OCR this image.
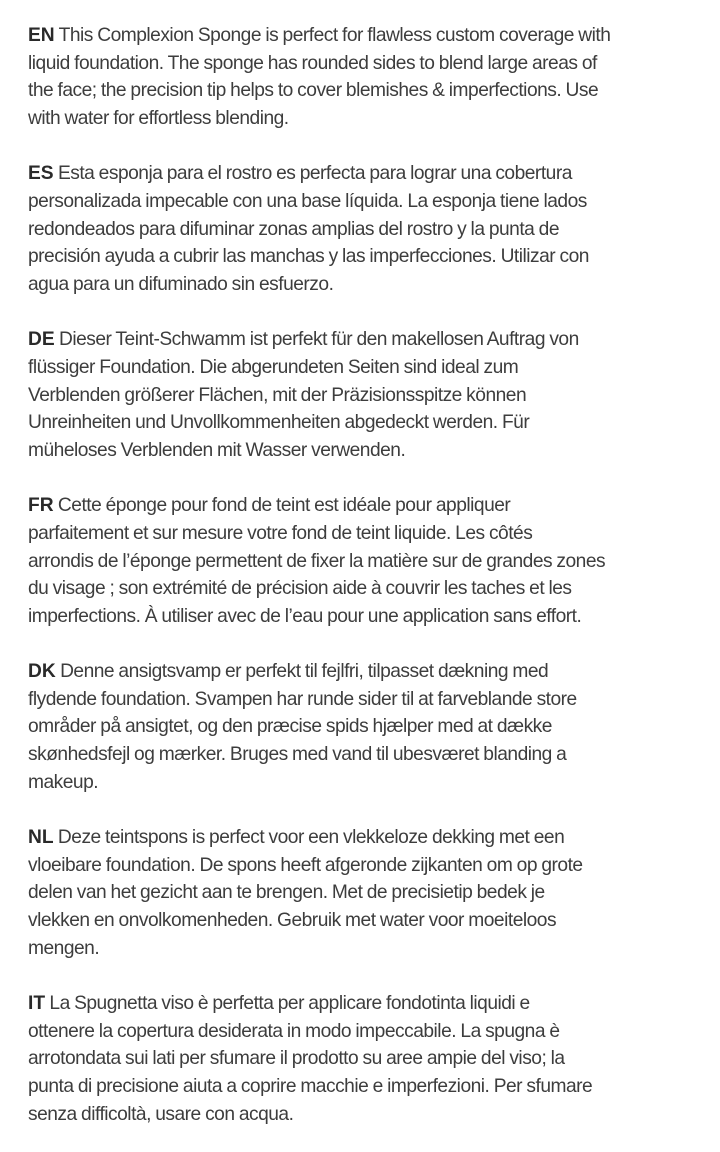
EN This Complexion Sponge is perfect for flawless custom coverage with
liquid foundation. The sponge has rounded sides to blend large areas of
the face; the precision tip helps to cover blemishes & imperfections. Use
with water for effortless blending.

ES Esta esponja para el rostro es perfecta para lograr una cobertura
personalizada impecable con una base líquida. La esponja tiene lados
redondeados para difuminar zonas amplias del rostro y la punta de
precisión ayuda a cubrir las manchas y las imperfecciones. Utilizar con
agua para un difuminado sin esfuerzo.

DE Dieser Teint-Schwamm ist perfekt für den makellosen Auftrag von
flüssiger Foundation. Die abgerundeten Seiten sind ideal zum
Verblenden größerer Flächen, mit der Präzisionsspitze können
Unreinheiten und Unvollkommenheiten abgedeckt werden. Für
müheloses Verblenden mit Wasser verwenden.

FR Cette éponge pour fond de teint est idéale pour appliquer
parfaitement et sur mesure votre fond de teint liquide. Les côtés
arrondis de l’éponge permettent de fixer la matière sur de grandes zones
du visage ; son extrémité de précision aide à couvrir les taches et les
imperfections. À utiliser avec de l’eau pour une application sans effort.

DK Denne ansigtsvamp er perfekt til fejlfri, tilpasset dækning med
flydende foundation. Svampen har runde sider til at farveblande store
områder på ansigtet, og den præcise spids hjælper med at dække
skønhedsfejl og mærker. Bruges med vand til ubesværet blanding a
makeup.

NL Deze teintspons is perfect voor een vlekkeloze dekking met een
vloeibare foundation. De spons heeft afgeronde zijkanten om op grote
delen van het gezicht aan te brengen. Met de precisietip bedek je
vlekken en onvolkomenheden. Gebruik met water voor moeiteloos
mengen.

IT La Spugnetta viso è perfetta per applicare fondotinta liquidi e
ottenere la copertura desiderata in modo impeccabile. La spugna è
arrotondata sui lati per sfumare il prodotto su aree ampie del viso; la
punta di precisione aiuta a coprire macchie e imperfezioni. Per sfumare
senza difficoltà, usare con acqua.
